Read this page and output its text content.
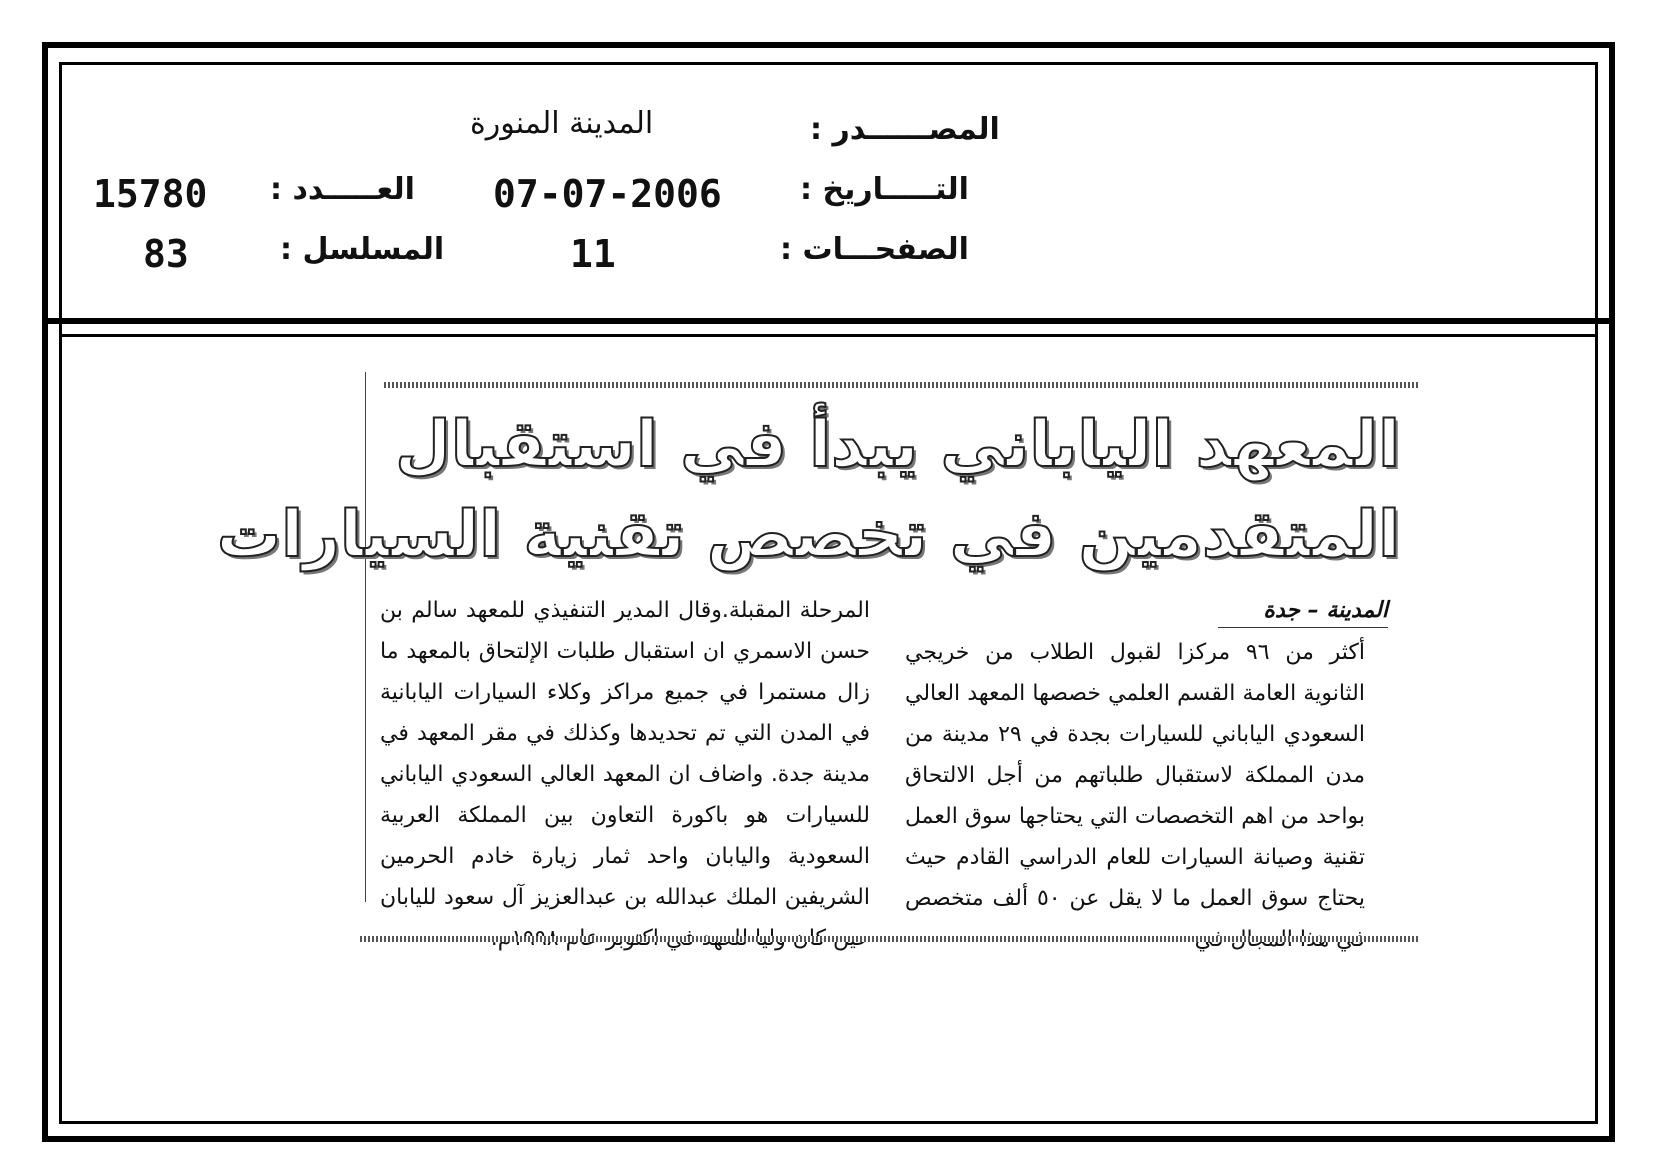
المصــــــدر :
المدينة المنورة
التـــــاريخ :
07-07-2006
العـــــدد :
15780
الصفحـــات :
11
المسلسل :
83
المعهد الياباني يبدأ في استقبال
المتقدمين في تخصص تقنية السيارات
المدينة – جدة
أكثر من ٩٦ مركزا لقبول الطلاب من خريجي الثانوية العامة القسم العلمي خصصها المعهد العالي السعودي الياباني للسيارات بجدة في ٢٩ مدينة من مدن المملكة لاستقبال طلباتهم من أجل الالتحاق بواحد من اهم التخصصات التي يحتاجها سوق العمل تقنية وصيانة السيارات للعام الدراسي القادم حيث يحتاج سوق العمل ما لا يقل عن ٥٠ ألف متخصص
المرحلة المقبلة.وقال المدير التنفيذي للمعهد سالم بن حسن الاسمري ان استقبال طلبات الإلتحاق بالمعهد ما زال مستمرا في جميع مراكز وكلاء السيارات اليابانية في المدن التي تم تحديدها وكذلك في مقر المعهد في مدينة جدة. واضاف ان المعهد العالي السعودي الياباني للسيارات هو باكورة التعاون بين المملكة العربية السعودية واليابان واحد ثمار زيارة خادم الحرمين الشريفين الملك عبدالله بن عبدالعزيز آل سعود لليابان
